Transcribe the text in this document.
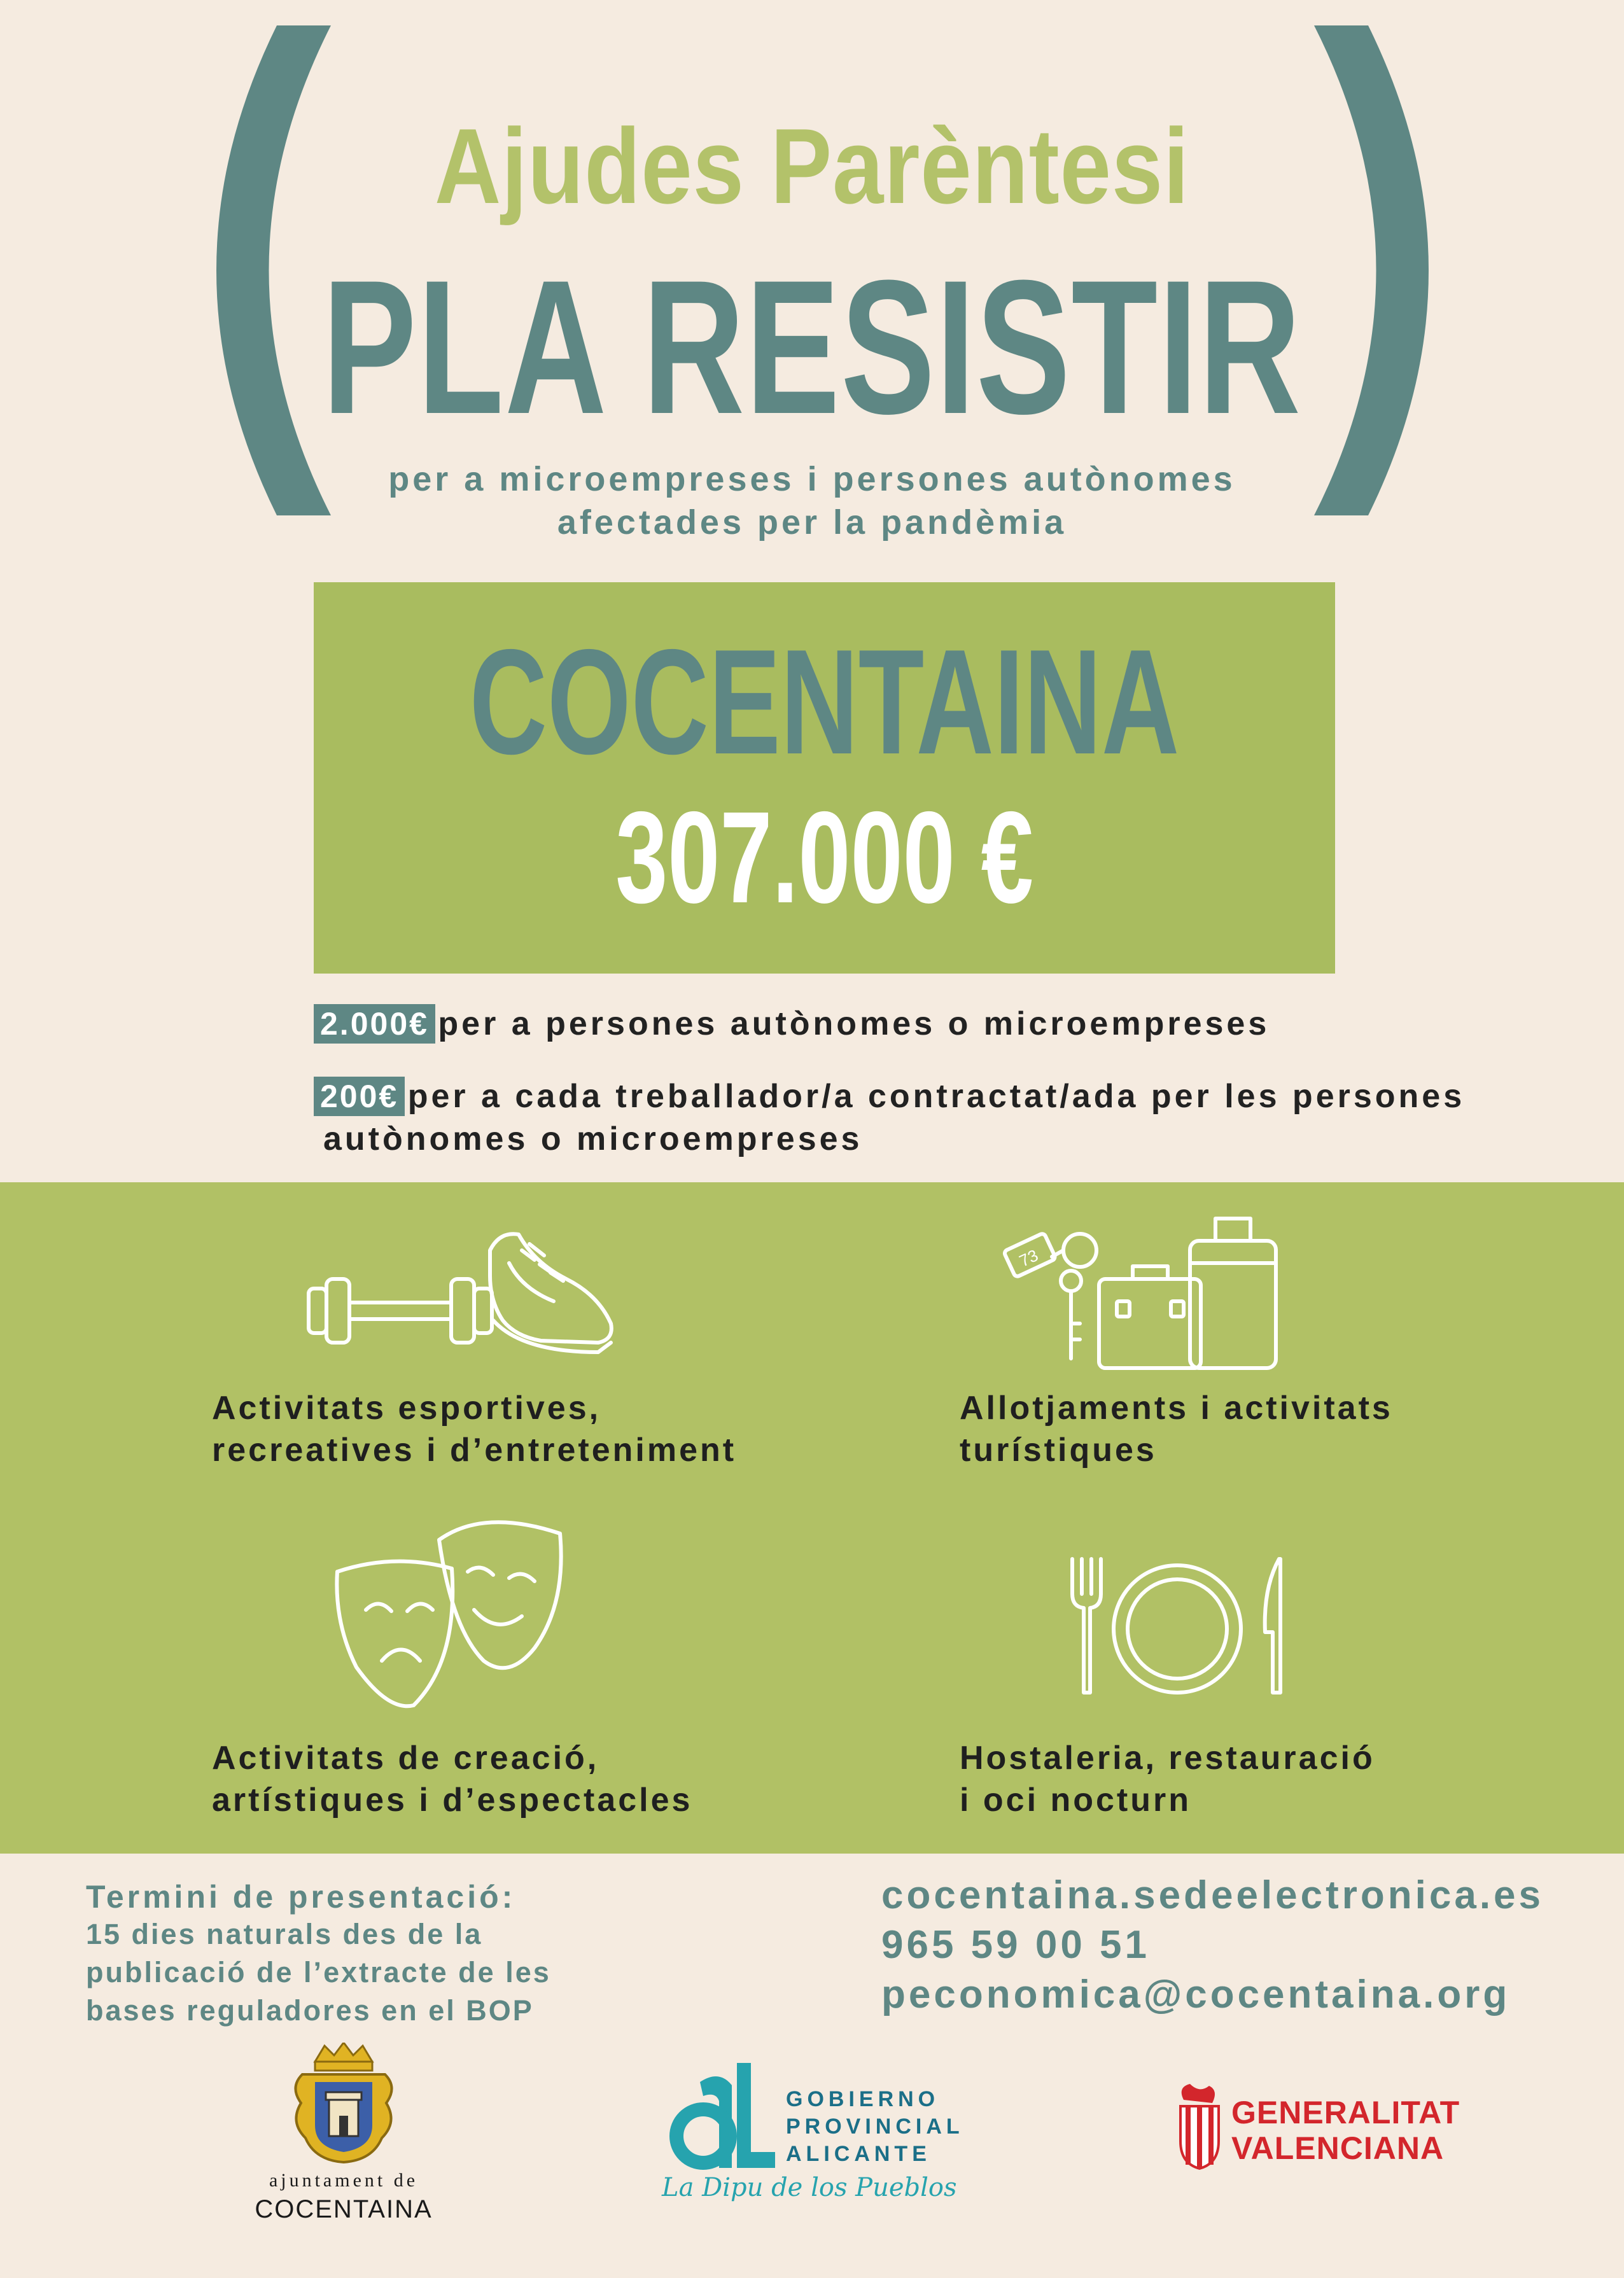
Ajudes Parèntesi
PLA RESISTIR
per a microempreses i persones autònomes
afectades per la pandèmia
COCENTAINA
307.000 €
2.000€ per a persones autònomes o microempreses
200€ per a cada treballador/a contractat/ada per les persones
autònomes o microempreses
73
Activitats esportives,
recreatives i d’entreteniment
Allotjaments i activitats
turístiques
Activitats de creació,
artístiques i d’espectacles
Hostaleria, restauració
i oci nocturn
Termini de presentació:
15 dies naturals des de la
publicació de l’extracte de les
bases reguladores en el BOP
cocentaina.sedeelectronica.es
965 59 00 51
peconomica@cocentaina.org
ajuntament de
COCENTAINA
GOBIERNO
PROVINCIAL
ALICANTE
La Dipu de los Pueblos
GENERALITAT
VALENCIANA
